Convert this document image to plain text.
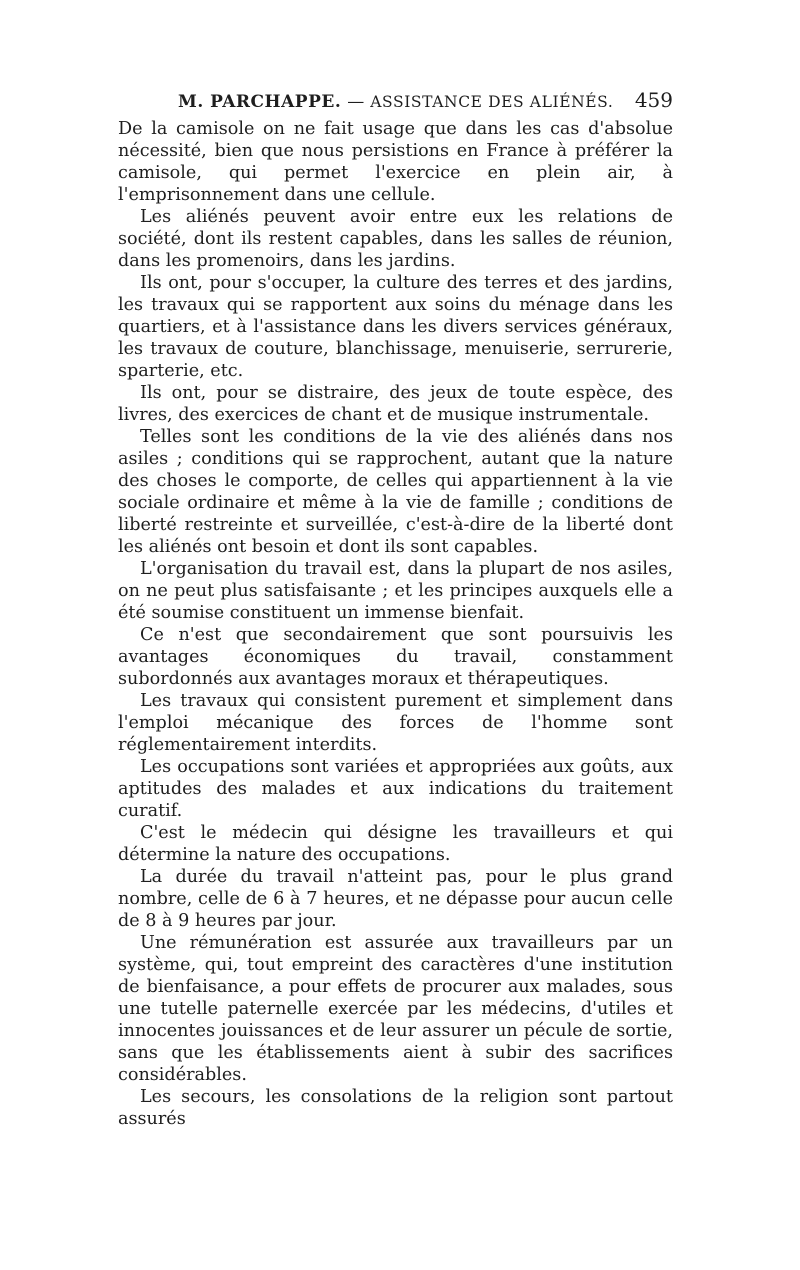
M. PARCHAPPE. — ASSISTANCE DES ALIÉNÉS. 459

De la camisole on ne fait usage que dans les cas d'absolue nécessité, bien que nous persistions en France à préférer la camisole, qui permet l'exercice en plein air, à l'emprisonnement dans une cellule.

Les aliénés peuvent avoir entre eux les relations de société, dont ils restent capables, dans les salles de réunion, dans les promenoirs, dans les jardins.

Ils ont, pour s'occuper, la culture des terres et des jardins, les travaux qui se rapportent aux soins du ménage dans les quartiers, et à l'assistance dans les divers services généraux, les travaux de couture, blanchissage, menuiserie, serrurerie, sparterie, etc.

Ils ont, pour se distraire, des jeux de toute espèce, des livres, des exercices de chant et de musique instrumentale.

Telles sont les conditions de la vie des aliénés dans nos asiles ; conditions qui se rapprochent, autant que la nature des choses le comporte, de celles qui appartiennent à la vie sociale ordinaire et même à la vie de famille ; conditions de liberté restreinte et surveillée, c'est-à-dire de la liberté dont les aliénés ont besoin et dont ils sont capables.

L'organisation du travail est, dans la plupart de nos asiles, on ne peut plus satisfaisante ; et les principes auxquels elle a été soumise constituent un immense bienfait.

Ce n'est que secondairement que sont poursuivis les avantages économiques du travail, constamment subordonnés aux avantages moraux et thérapeutiques.

Les travaux qui consistent purement et simplement dans l'emploi mécanique des forces de l'homme sont réglementairement interdits.

Les occupations sont variées et appropriées aux goûts, aux aptitudes des malades et aux indications du traitement curatif.

C'est le médecin qui désigne les travailleurs et qui détermine la nature des occupations.

La durée du travail n'atteint pas, pour le plus grand nombre, celle de 6 à 7 heures, et ne dépasse pour aucun celle de 8 à 9 heures par jour.

Une rémunération est assurée aux travailleurs par un système, qui, tout empreint des caractères d'une institution de bienfaisance, a pour effets de procurer aux malades, sous une tutelle paternelle exercée par les médecins, d'utiles et innocentes jouissances et de leur assurer un pécule de sortie, sans que les établissements aient à subir des sacrifices considérables.

Les secours, les consolations de la religion sont partout assurés
